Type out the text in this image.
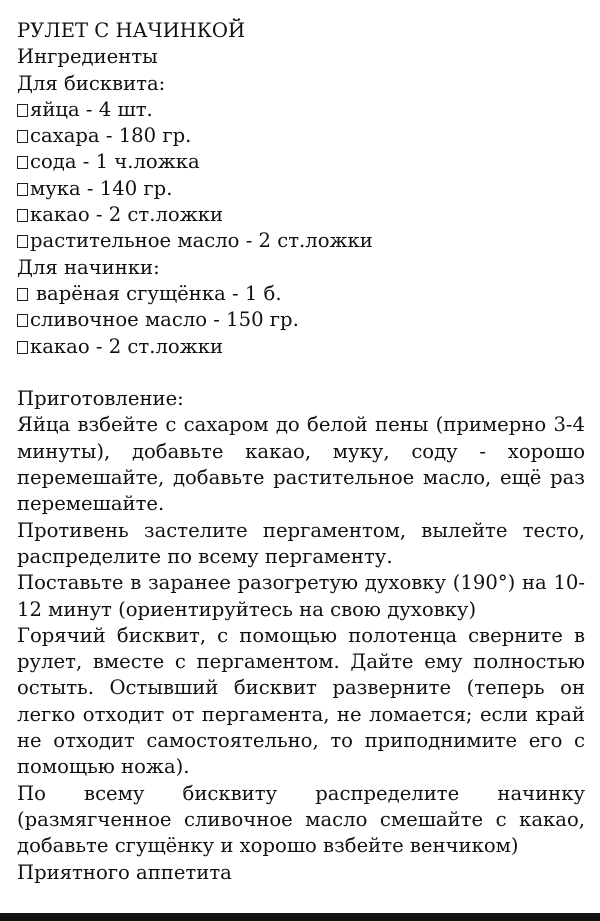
РУЛЕТ С НАЧИНКОЙ
Ингредиенты
Для бисквита:
яйца - 4 шт.
сахара - 180 гр.
сода - 1 ч.ложка
мука - 140 гр.
какао - 2 ст.ложки
растительное масло - 2 ст.ложки
Для начинки:
варёная сгущёнка - 1 б.
сливочное масло - 150 гр.
какао - 2 ст.ложки
Приготовление:
Яйца взбейте с сахаром до белой пены (примерно 3-4 минуты), добавьте какао, муку, соду - хорошо перемешайте, добавьте растительное масло, ещё раз перемешайте.
Противень застелите пергаментом, вылейте тесто, распределите по всему пергаменту.
Поставьте в заранее разогретую духовку (190°) на 10-12 минут (ориентируйтесь на свою духовку)
Горячий бисквит, с помощью полотенца сверните в рулет, вместе с пергаментом. Дайте ему полностью остыть. Остывший бисквит разверните (теперь он легко отходит от пергамента, не ломается; если край не отходит самостоятельно, то приподнимите его с помощью ножа).
По всему бисквиту распределите начинку (размягченное сливочное масло смешайте с какао, добавьте сгущёнку и хорошо взбейте венчиком)
Приятного аппетита
